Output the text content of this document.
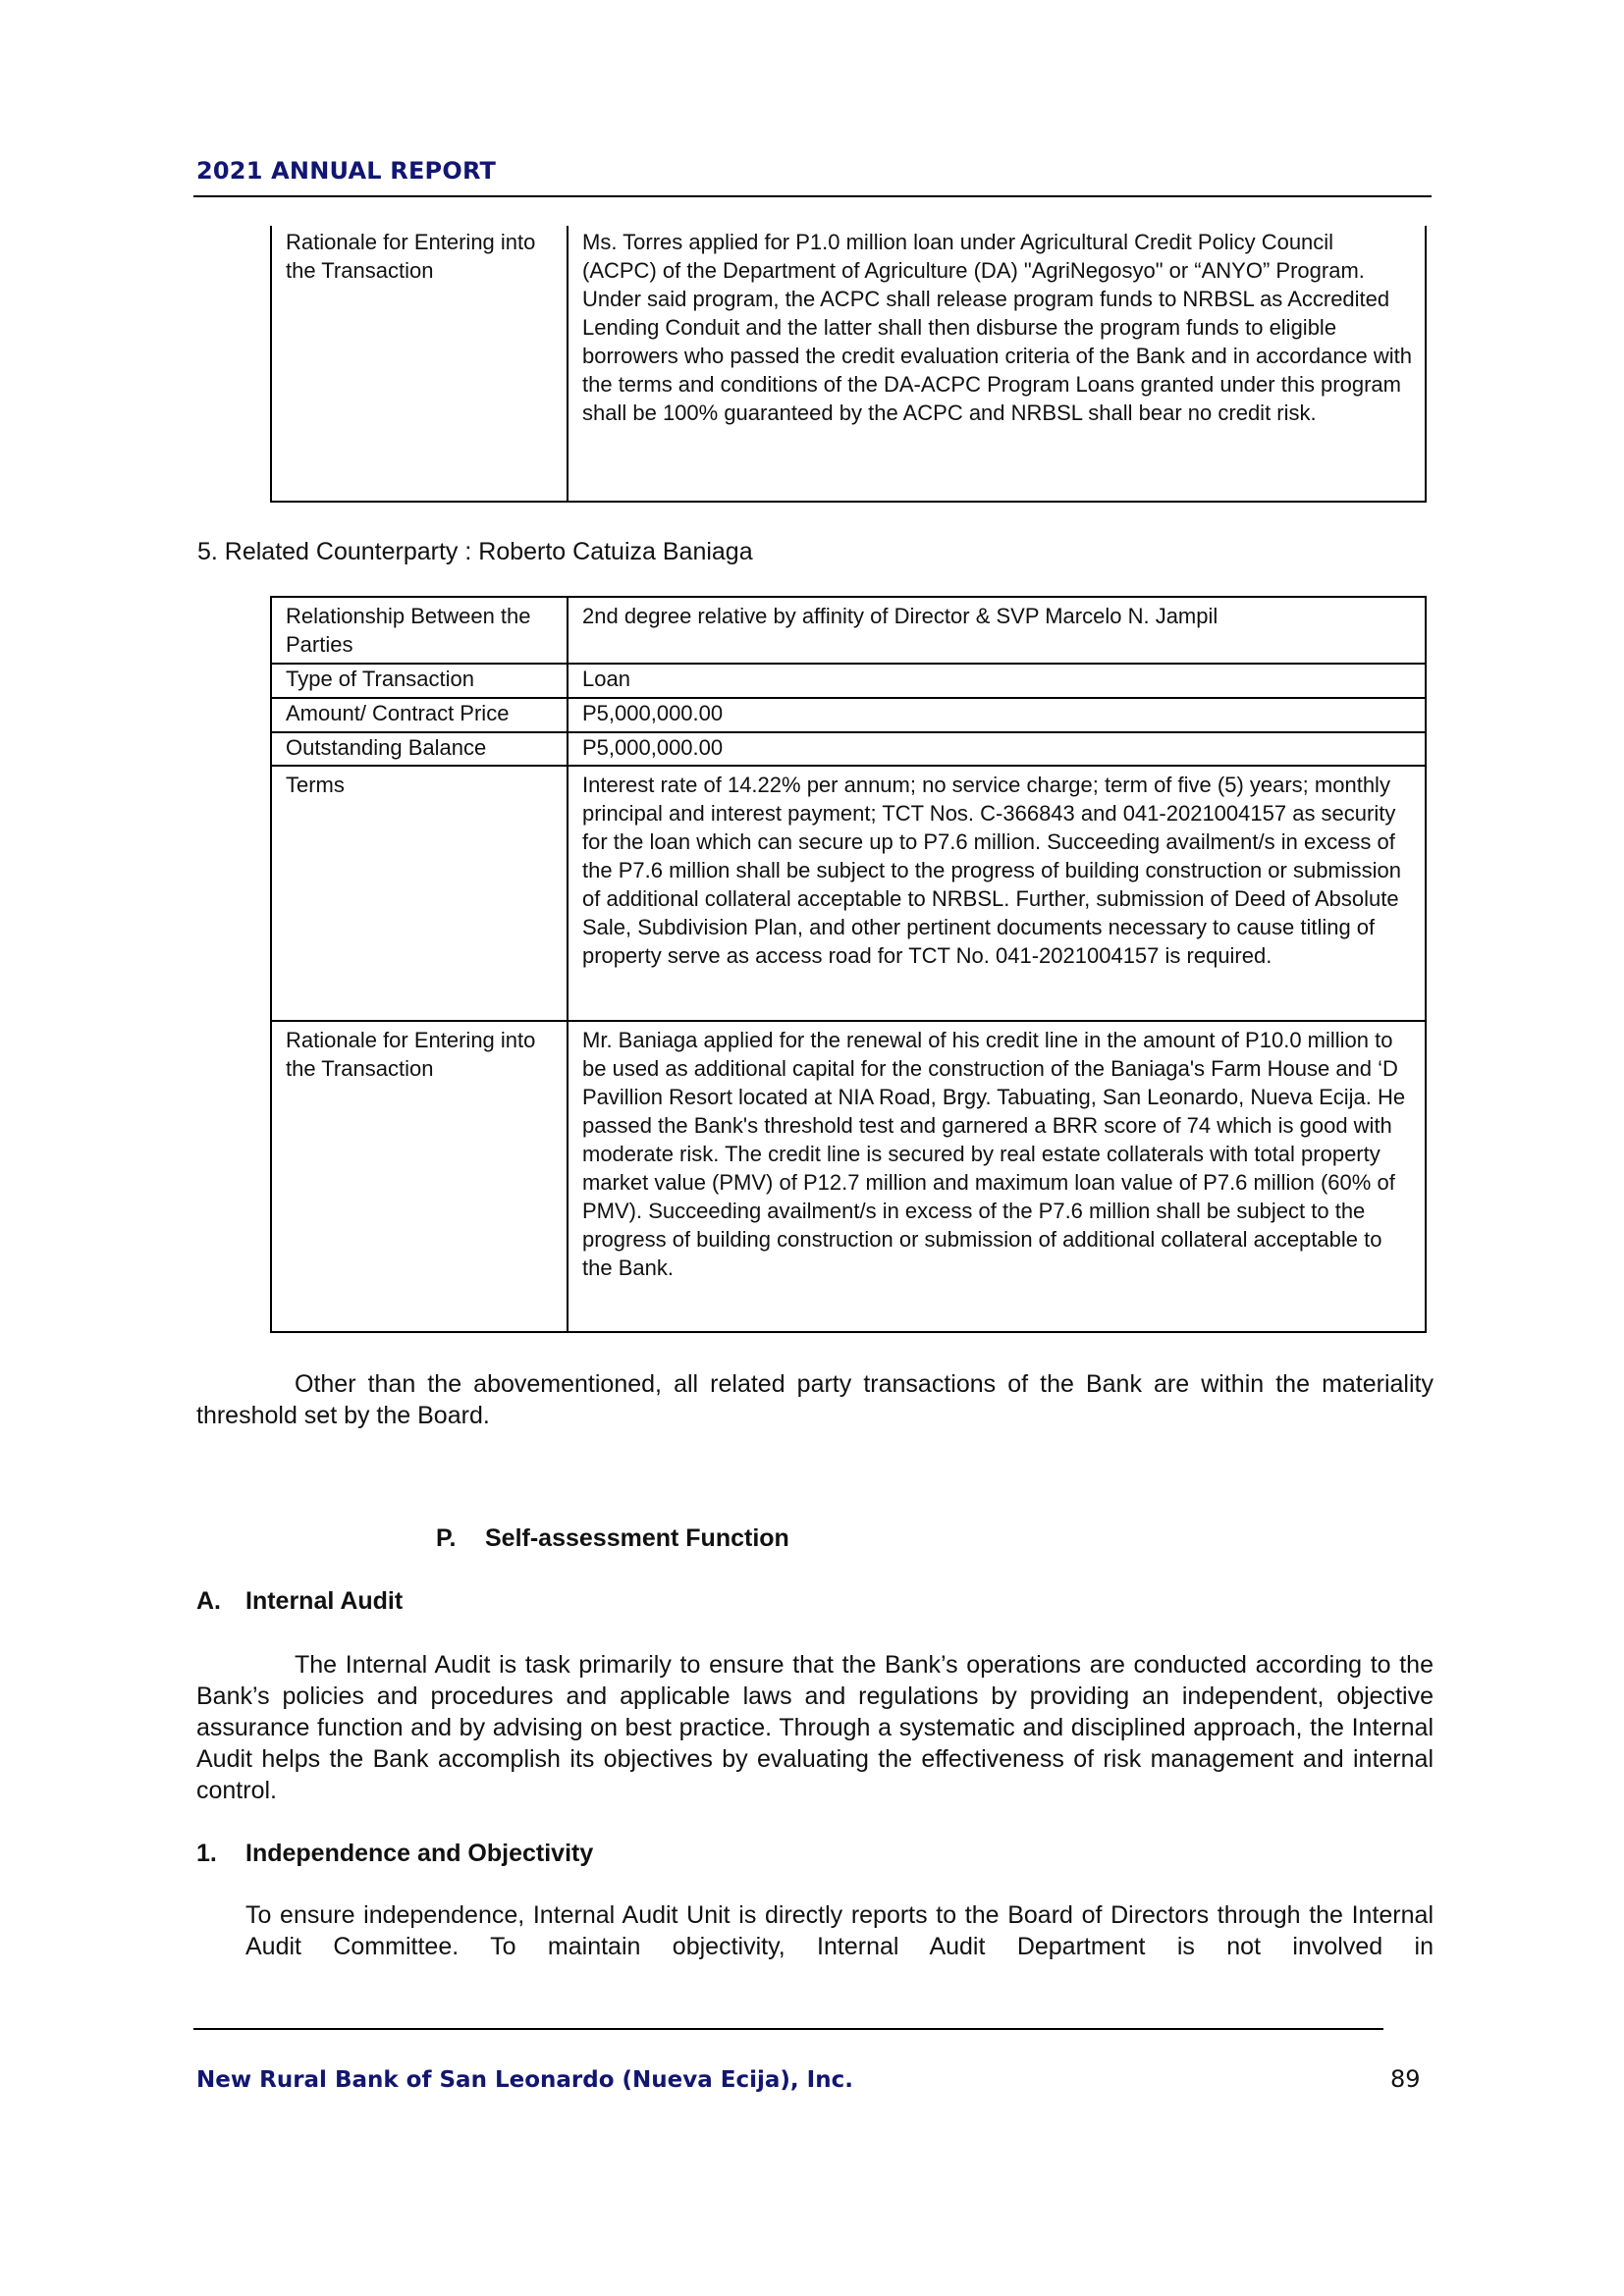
2021 ANNUAL REPORT
Rationale for Entering into the Transaction	Ms. Torres applied for P1.0 million loan under Agricultural Credit Policy Council (ACPC) of the Department of Agriculture (DA) "AgriNegosyo" or “ANYO” Program. Under said program, the ACPC shall release program funds to NRBSL as Accredited Lending Conduit and the latter shall then disburse the program funds to eligible borrowers who passed the credit evaluation criteria of the Bank and in accordance with the terms and conditions of the DA-ACPC Program Loans granted under this program shall be 100% guaranteed by the ACPC and NRBSL shall bear no credit risk.
5. Related Counterparty : Roberto Catuiza Baniaga
Relationship Between the Parties	2nd degree relative by affinity of Director & SVP Marcelo N. Jampil
Type of Transaction	Loan
Amount/ Contract Price	P5,000,000.00
Outstanding Balance	P5,000,000.00
Terms	Interest rate of 14.22% per annum; no service charge; term of five (5) years; monthly principal and interest payment; TCT Nos. C-366843 and 041-2021004157 as security for the loan which can secure up to P7.6 million. Succeeding availment/s in excess of the P7.6 million shall be subject to the progress of building construction or submission of additional collateral acceptable to NRBSL. Further, submission of Deed of Absolute Sale, Subdivision Plan, and other pertinent documents necessary to cause titling of property serve as access road for TCT No. 041-2021004157 is required.
Rationale for Entering into the Transaction	Mr. Baniaga applied for the renewal of his credit line in the amount of P10.0 million to be used as additional capital for the construction of the Baniaga's Farm House and ‘D Pavillion Resort located at NIA Road, Brgy. Tabuating, San Leonardo, Nueva Ecija. He passed the Bank's threshold test and garnered a BRR score of 74 which is good with moderate risk. The credit line is secured by real estate collaterals with total property market value (PMV) of P12.7 million and maximum loan value of P7.6 million (60% of PMV). Succeeding availment/s in excess of the P7.6 million shall be subject to the progress of building construction or submission of additional collateral acceptable to the Bank.
Other than the abovementioned, all related party transactions of the Bank are within the materiality threshold set by the Board.
P. Self-assessment Function
A. Internal Audit
The Internal Audit is task primarily to ensure that the Bank’s operations are conducted according to the Bank’s policies and procedures and applicable laws and regulations by providing an independent, objective assurance function and by advising on best practice. Through a systematic and disciplined approach, the Internal Audit helps the Bank accomplish its objectives by evaluating the effectiveness of risk management and internal control.
1. Independence and Objectivity
To ensure independence, Internal Audit Unit is directly reports to the Board of Directors through the Internal Audit Committee. To maintain objectivity, Internal Audit Department is not involved in
New Rural Bank of San Leonardo (Nueva Ecija), Inc.	89
